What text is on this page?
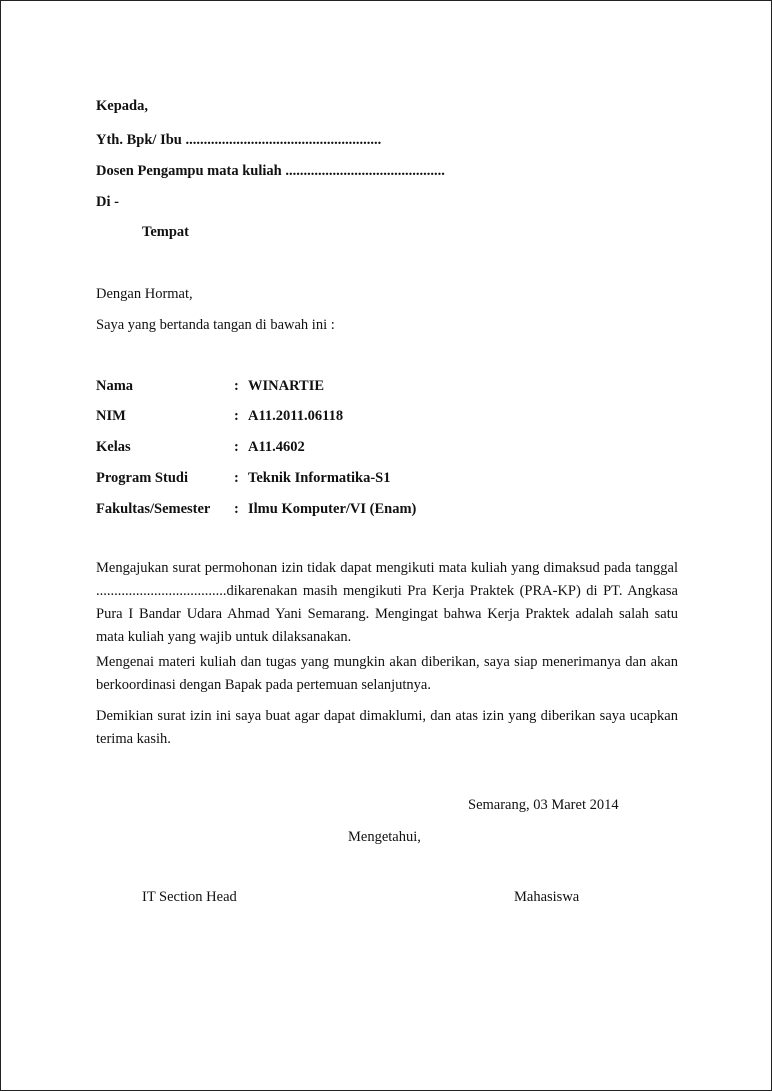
Kepada,
Yth. Bpk/ Ibu ......................................................
Dosen Pengampu mata kuliah ............................................
Di -
Tempat
Dengan Hormat,
Saya yang bertanda tangan di bawah ini :
Nama	: WINARTIE
NIM	: A11.2011.06118
Kelas	: A11.4602
Program Studi	: Teknik Informatika-S1
Fakultas/Semester : Ilmu Komputer/VI (Enam)
Mengajukan surat permohonan izin tidak dapat mengikuti mata kuliah yang dimaksud pada tanggal ....................................dikarenakan masih mengikuti Pra Kerja Praktek (PRA-KP) di PT. Angkasa Pura I Bandar Udara Ahmad Yani Semarang. Mengingat bahwa Kerja Praktek adalah salah satu mata kuliah yang wajib untuk dilaksanakan.
Mengenai materi kuliah dan tugas yang mungkin akan diberikan, saya siap menerimanya dan akan berkoordinasi dengan Bapak pada pertemuan selanjutnya.
Demikian surat izin ini saya buat agar dapat dimaklumi, dan atas izin yang diberikan saya ucapkan terima kasih.
Semarang, 03 Maret 2014
Mengetahui,
IT Section Head	Mahasiswa
